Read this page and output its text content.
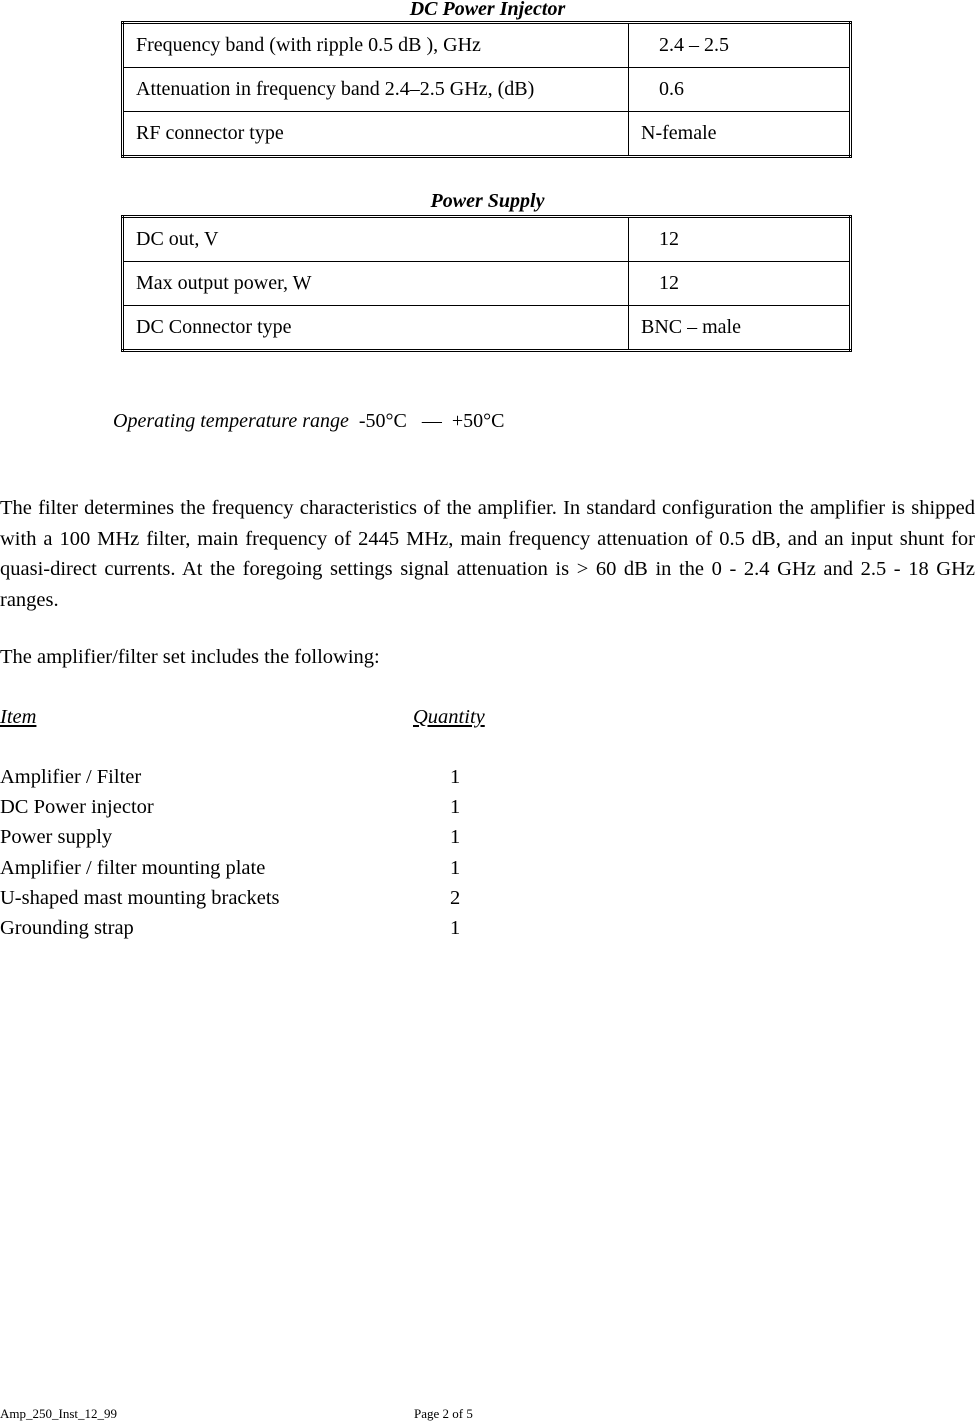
DC Power Injector
Frequency band (with ripple 0.5 dB ), GHz	2.4 – 2.5
Attenuation in frequency band 2.4–2.5 GHz, (dB)	0.6
RF connector type	N-female
Power Supply
DC out, V	12
Max output power, W	12
DC Connector type	BNC – male
Operating temperature range -50°C   —  +50°C
The filter determines the frequency characteristics of the amplifier. In standard configuration the amplifier is shipped with a 100 MHz filter, main frequency of 2445 MHz, main frequency attenuation of 0.5 dB, and an input shunt for quasi-direct currents. At the foregoing settings signal attenuation is > 60 dB in the 0 - 2.4 GHz and 2.5 - 18 GHz ranges.
The amplifier/filter set includes the following:
Item	Quantity
Amplifier / Filter	1
DC Power injector	1
Power supply	1
Amplifier / filter mounting plate	1
U-shaped mast mounting brackets	2
Grounding strap	1
Amp_250_Inst_12_99	Page 2 of 5
